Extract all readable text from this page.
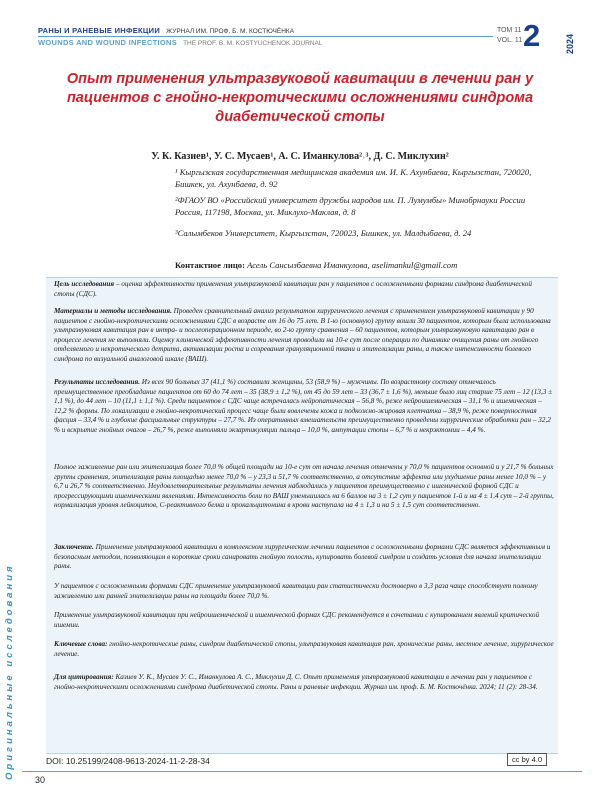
РАНЫ И РАНЕВЫЕ ИНФЕКЦИИ ЖУРНАЛ ИМ. ПРОФ. Б. М. КОСТЮЧЁНКА
WOUNDS AND WOUND INFECTIONS THE PROF. B. M. KOSTYUCHENOK JOURNAL
ТОМ 11
VOL. 11 2	2024
Опыт применения ультразвуковой кавитации в лечении ран у пациентов с гнойно-некротическими осложнениями синдрома диабетической стопы
У. К. Казиев¹, У. С. Мусаев¹, А. С. Иманкулова²˒³, Д. С. Миклухин²
¹ Кыргызская государственная медицинская академия им. И. К. Ахунбаева, Кыргызстан, 720020, Бишкек, ул. Ахунбаева, д. 92
²ФГАОУ ВО «Российский университет дружбы народов им. П. Лумумбы» Минобрнауки России Россия, 117198, Москва, ул. Миклухо-Маклая, д. 8
³Салымбеков Университет, Кыргызстан, 720023, Бишкек, ул. Малдыбаева, д. 24
Контактное лицо: Асель Сансызбаевна Иманкулова, aselimankul@gmail.com
Цель исследования – оценка эффективности применения ультразвуковой кавитации ран у пациентов с осложненными формами синдрома диабетической стопы (СДС).
Материалы и методы исследования. Проведен сравнительный анализ результатов хирургического лечения с применением ультразвуковой кавитации у 90 пациентов с гнойно-некротическими осложнениями СДС в возрасте от 16 до 75 лет. В 1-ю (основную) группу вошли 30 пациентов, которым была использована ультразвуковая кавитация ран в интра- и послеоперационном периоде, во 2-ю группу сравнения – 60 пациентов, которым ультразвуковую кавитацию ран в процессе лечения не выполняли. Оценку клинической эффективности лечения проводили на 10-е сут после операции по динамике очищения раны от гнойного отделяемого и некротического детрита, активизации роста и созревания грануляционной ткани и эпителизации раны, а также интенсивности болевого синдрома по визуальной аналоговой шкале (ВАШ).
Результаты исследования. Из всех 90 больных 37 (41,1 %) составили женщины, 53 (58,9 %) – мужчины. По возрастному составу отмечалось преимущественное преобладание пациентов от 60 до 74 лет – 35 (38,9 ± 1,2 %), от 45 до 59 лет – 33 (36,7 ± 1,6 %), меньше было лиц старше 75 лет – 12 (13,3 ± 1,1 %), до 44 лет – 10 (11,1 ± 1,1 %). Среди пациентов с СДС чаще встречалась нейропатическая – 56,8 %, реже нейроишемическая – 31,1 % и ишемическая – 12,2 % формы. По локализации в гнойно-некротический процесс чаще были вовлечены кожа и подкожно-жировая клетчатка – 38,9 %, реже поверхностная фасция – 33,4 % и глубокие фасциальные структуры – 27,7 %. Из оперативных вмешательств преимущественно проведены хирургические обработки ран – 32,2 % и вскрытие гнойных очагов – 26,7 %, реже выполняли экзартикуляции пальца – 10,0 %, ампутации стопы – 6,7 % и некрэктомии – 4,4 %.
Полное заживление ран или эпителизация более 70,0 % общей площади на 10-е сут от начала лечения отмечены у 70,0 % пациентов основной и у 21,7 % больных группы сравнения, эпителизация раны площадью менее 70,0 % – у 23,3 и 51,7 % соответственно, а отсутствие эффекта или ухудшение раны менее 10,0 % – у 6,7 и 26,7 % соответственно. Неудовлетворительные результаты лечения наблюдались у пациентов преимущественно с ишемической формой СДС и прогрессирующими ишемическими явлениями. Интенсивность боли по ВАШ уменьшилась на 6 баллов на 3 ± 1,2 сут у пациентов 1-й и на 4 ± 1,4 сут – 2-й группы, нормализация уровня лейкоцитов, С-реактивного белка и прокальцитонина в крови наступала на 4 ± 1,3 и на 5 ± 1,5 сут соответственно.
Заключение. Применение ультразвуковой кавитации в комплексном хирургическом лечении пациентов с осложненными формами СДС является эффективным и безопасным методом, позволяющим в короткие сроки санировать гнойную полость, купировать болевой синдром и создать условия для начала эпителизации раны.
У пациентов с осложненными формами СДС применение ультразвуковой кавитации ран статистически достоверно в 3,3 раза чаще способствует полному заживлению или ранней эпителизации раны на площади более 70,0 %.
Применение ультразвуковой кавитации при нейроишемической и ишемической формах СДС рекомендуется в сочетании с купированием явлений критической ишемии.
Ключевые слова: гнойно-некротические раны, синдром диабетической стопы, ультразвуковая кавитация ран, хронические раны, местное лечение, хирургическое лечение.
Для цитирования: Казиев У. К., Мусаев У. С., Иманкулова А. С., Миклухин Д. С. Опыт применения ультразвуковой кавитации в лечении ран у пациентов с гнойно-некротическими осложнениями синдрома диабетической стопы. Раны и раневые инфекции. Журнал им. проф. Б. М. Костючёнка. 2024; 11 (2): 28-34.
Оригинальные исследования	DOI: 10.25199/2408-9613-2024-11-2-28-34	cc by 4.0
30
